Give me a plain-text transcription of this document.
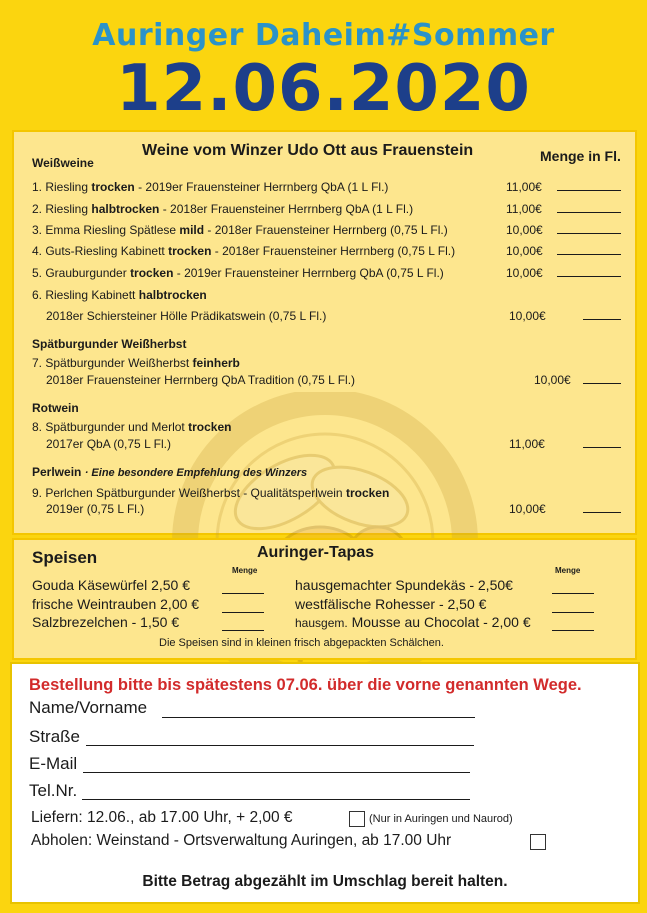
Auringer Daheim#Sommer
12.06.2020
Weine vom Winzer Udo Ott aus Frauenstein	Menge in Fl.
Weißweine
1. Riesling trocken - 2019er Frauensteiner Herrnberg QbA (1 L Fl.)	11,00€
2. Riesling halbtrocken - 2018er Frauensteiner Herrnberg QbA (1 L Fl.)	11,00€
3. Emma Riesling Spätlese mild - 2018er Frauensteiner Herrnberg (0,75 L Fl.)	10,00€
4. Guts-Riesling Kabinett trocken - 2018er Frauensteiner Herrnberg (0,75 L Fl.)	10,00€
5. Grauburgunder trocken - 2019er Frauensteiner Herrnberg QbA (0,75 L Fl.)	10,00€
6. Riesling Kabinett halbtrocken
2018er Schiersteiner Hölle Prädikatswein (0,75 L Fl.)	10,00€
Spätburgunder Weißherbst
7. Spätburgunder Weißherbst feinherb
2018er Frauensteiner Herrnberg QbA Tradition (0,75 L Fl.)	10,00€
Rotwein
8. Spätburgunder und Merlot trocken
2017er QbA (0,75 L Fl.)	11,00€
Perlwein · Eine besondere Empfehlung des Winzers
9. Perlchen Spätburgunder Weißherbst - Qualitätsperlwein trocken
2019er (0,75 L Fl.)	10,00€
Speisen	Auringer-Tapas
Menge	Menge
Gouda Käsewürfel 2,50 €
frische Weintrauben 2,00 €
Salzbrezelchen - 1,50 €
hausgemachter Spundekäs - 2,50€
westfälische Rohesser - 2,50 €
hausgem. Mousse au Chocolat - 2,00 €
Die Speisen sind in kleinen frisch abgepackten Schälchen.
Bestellung bitte bis spätestens 07.06. über die vorne genannten Wege.
Name/Vorname
Straße
E-Mail
Tel.Nr.
Liefern: 12.06., ab 17.00 Uhr, + 2,00 €	(Nur in Auringen und Naurod)
Abholen: Weinstand - Ortsverwaltung Auringen, ab 17.00 Uhr
Bitte Betrag abgezählt im Umschlag bereit halten.
